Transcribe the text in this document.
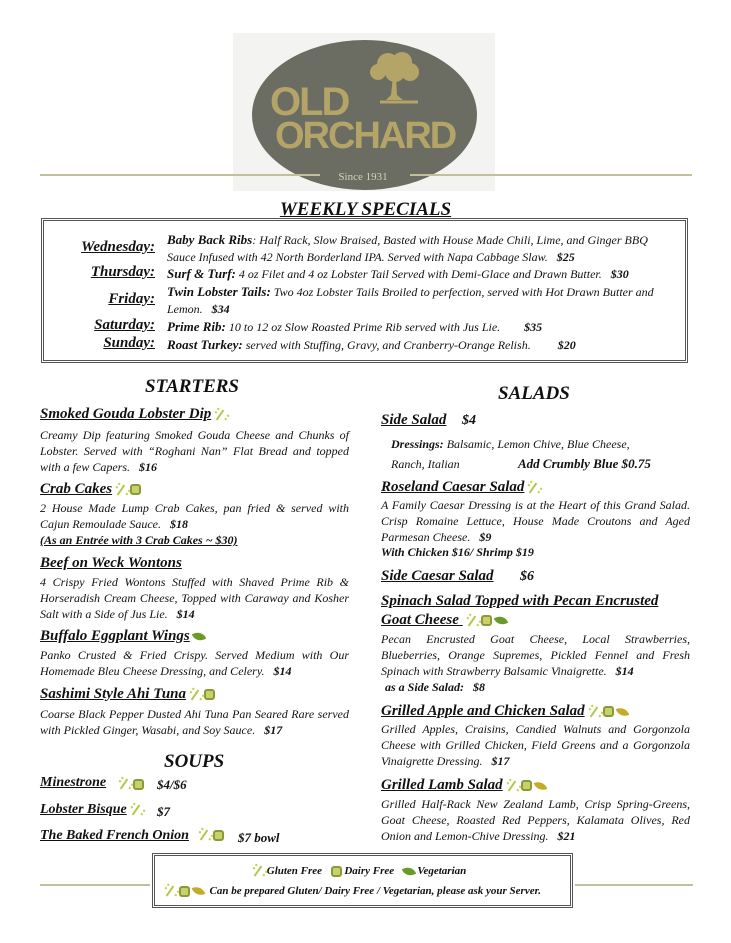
OLD
ORCHARD
Since 1931
WEEKLY SPECIALS
Wednesday: Baby Back Ribs: Half Rack, Slow Braised, Basted with House Made Chili, Lime, and Ginger BBQ Sauce Infused with 42 North Borderland IPA. Served with Napa Cabbage Slaw. $25
Thursday: Surf & Turf: 4 oz Filet and 4 oz Lobster Tail Served with Demi-Glace and Drawn Butter. $30
Friday: Twin Lobster Tails: Two 4oz Lobster Tails Broiled to perfection, served with Hot Drawn Butter and Lemon. $34
Saturday: Prime Rib: 10 to 12 oz Slow Roasted Prime Rib served with Jus Lie. $35
Sunday: Roast Turkey: served with Stuffing, Gravy, and Cranberry-Orange Relish. $20
STARTERS
Smoked Gouda Lobster Dip
Creamy Dip featuring Smoked Gouda Cheese and Chunks of Lobster. Served with “Roghani Nan” Flat Bread and topped with a few Capers. $16
Crab Cakes
2 House Made Lump Crab Cakes, pan fried & served with Cajun Remoulade Sauce. $18
(As an Entrée with 3 Crab Cakes ~ $30)
Beef on Weck Wontons
4 Crispy Fried Wontons Stuffed with Shaved Prime Rib & Horseradish Cream Cheese, Topped with Caraway and Kosher Salt with a Side of Jus Lie. $14
Buffalo Eggplant Wings
Panko Crusted & Fried Crispy. Served Medium with Our Homemade Bleu Cheese Dressing, and Celery. $14
Sashimi Style Ahi Tuna
Coarse Black Pepper Dusted Ahi Tuna Pan Seared Rare served with Pickled Ginger, Wasabi, and Soy Sauce. $17
SOUPS
Minestrone	$4/$6
Lobster Bisque	$7
The Baked French Onion	$7 bowl
SALADS
Side Salad $4
Dressings: Balsamic, Lemon Chive, Blue Cheese,
Ranch, Italian	Add Crumbly Blue $0.75
Roseland Caesar Salad
A Family Caesar Dressing is at the Heart of this Grand Salad. Crisp Romaine Lettuce, House Made Croutons and Aged Parmesan Cheese. $9
With Chicken $16/ Shrimp $19
Side Caesar Salad $6
Spinach Salad Topped with Pecan Encrusted
Goat Cheese
Pecan Encrusted Goat Cheese, Local Strawberries, Blueberries, Orange Supremes, Pickled Fennel and Fresh Spinach with Strawberry Balsamic Vinaigrette. $14
as a Side Salad: $8
Grilled Apple and Chicken Salad
Grilled Apples, Craisins, Candied Walnuts and Gorgonzola Cheese with Grilled Chicken, Field Greens and a Gorgonzola Vinaigrette Dressing. $17
Grilled Lamb Salad
Grilled Half-Rack New Zealand Lamb, Crisp Spring-Greens, Goat Cheese, Roasted Red Peppers, Kalamata Olives, Red Onion and Lemon-Chive Dressing. $21
Gluten Free Dairy Free Vegetarian
Can be prepared Gluten/ Dairy Free / Vegetarian, please ask your Server.
